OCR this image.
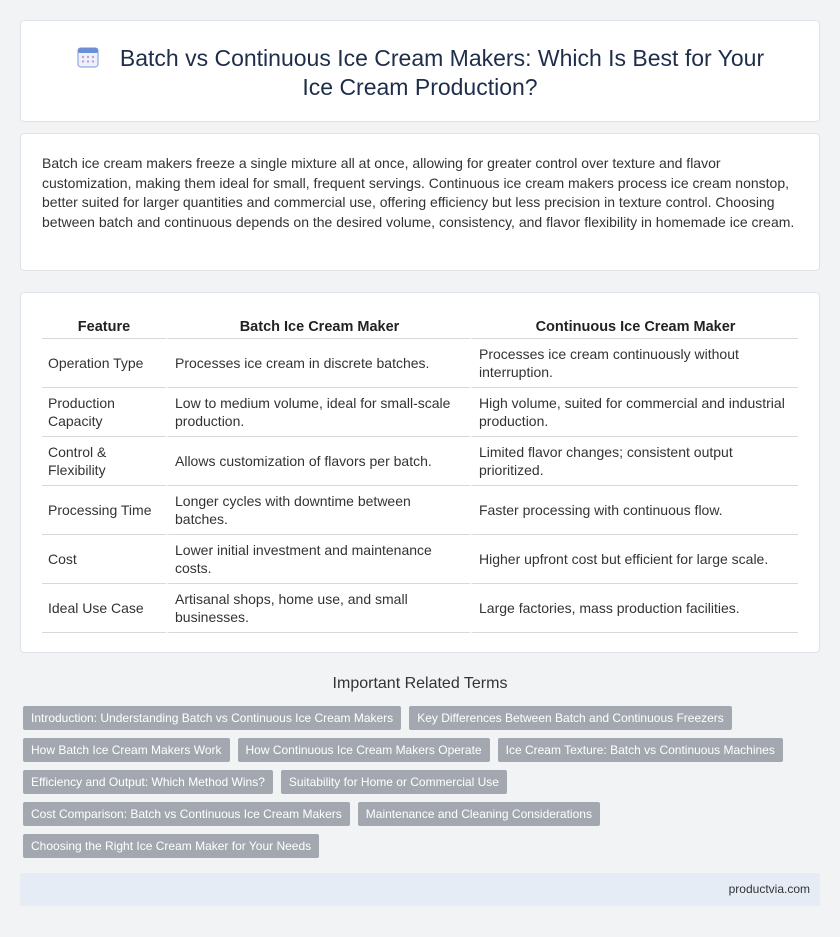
Batch vs Continuous Ice Cream Makers: Which Is Best for Your Ice Cream Production?

Batch ice cream makers freeze a single mixture all at once, allowing for greater control over texture and flavor customization, making them ideal for small, frequent servings. Continuous ice cream makers process ice cream nonstop, better suited for larger quantities and commercial use, offering efficiency but less precision in texture control. Choosing between batch and continuous depends on the desired volume, consistency, and flavor flexibility in homemade ice cream.

Feature	Batch Ice Cream Maker	Continuous Ice Cream Maker
Operation Type	Processes ice cream in discrete batches.	Processes ice cream continuously without interruption.
Production Capacity	Low to medium volume, ideal for small-scale production.	High volume, suited for commercial and industrial production.
Control & Flexibility	Allows customization of flavors per batch.	Limited flavor changes; consistent output prioritized.
Processing Time	Longer cycles with downtime between batches.	Faster processing with continuous flow.
Cost	Lower initial investment and maintenance costs.	Higher upfront cost but efficient for large scale.
Ideal Use Case	Artisanal shops, home use, and small businesses.	Large factories, mass production facilities.
Important Related Terms
Introduction: Understanding Batch vs Continuous Ice Cream Makers	Key Differences Between Batch and Continuous Freezers
How Batch Ice Cream Makers Work	How Continuous Ice Cream Makers Operate	Ice Cream Texture: Batch vs Continuous Machines
Efficiency and Output: Which Method Wins?	Suitability for Home or Commercial Use
Cost Comparison: Batch vs Continuous Ice Cream Makers	Maintenance and Cleaning Considerations
Choosing the Right Ice Cream Maker for Your Needs
productvia.com
